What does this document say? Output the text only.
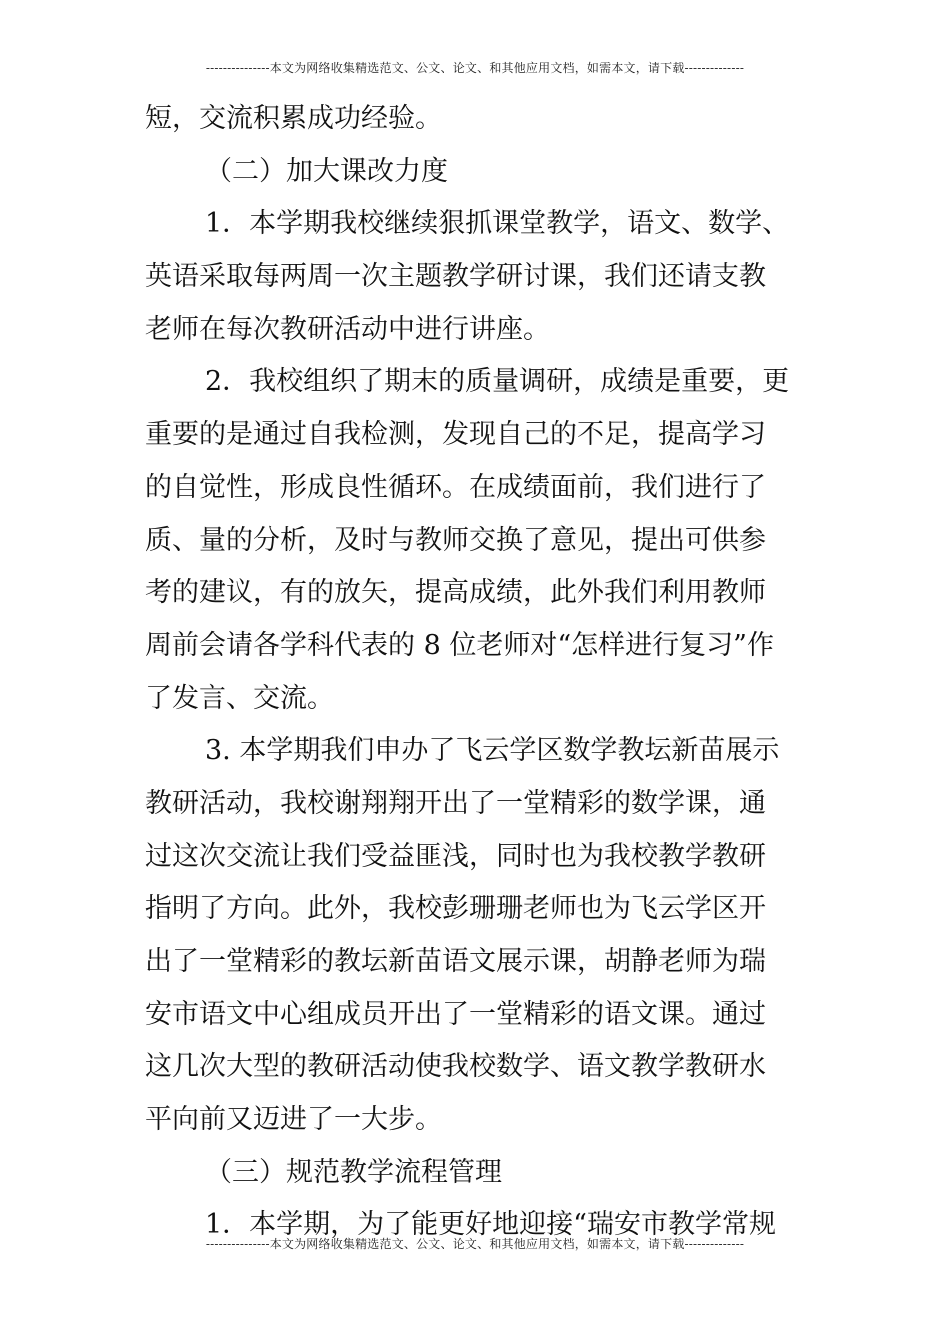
---------------本文为网络收集精选范文、公文、论文、和其他应用文档，如需本文，请下载--------------
短，交流积累成功经验。
（二）加大课改力度
1．本学期我校继续狠抓课堂教学，语文、数学、
英语采取每两周一次主题教学研讨课，我们还请支教
老师在每次教研活动中进行讲座。
2．我校组织了期末的质量调研，成绩是重要，更
重要的是通过自我检测，发现自己的不足，提高学习
的自觉性，形成良性循环。在成绩面前，我们进行了
质、量的分析，及时与教师交换了意见，提出可供参
考的建议，有的放矢，提高成绩，此外我们利用教师
周前会请各学科代表的 8 位老师对“怎样进行复习”作
了发言、交流。
3. 本学期我们申办了飞云学区数学教坛新苗展示
教研活动，我校谢翔翔开出了一堂精彩的数学课，通
过这次交流让我们受益匪浅，同时也为我校教学教研
指明了方向。此外，我校彭珊珊老师也为飞云学区开
出了一堂精彩的教坛新苗语文展示课，胡静老师为瑞
安市语文中心组成员开出了一堂精彩的语文课。通过
这几次大型的教研活动使我校数学、语文教学教研水
平向前又迈进了一大步。
（三）规范教学流程管理
1．本学期，为了能更好地迎接“瑞安市教学常规
---------------本文为网络收集精选范文、公文、论文、和其他应用文档，如需本文，请下载--------------
